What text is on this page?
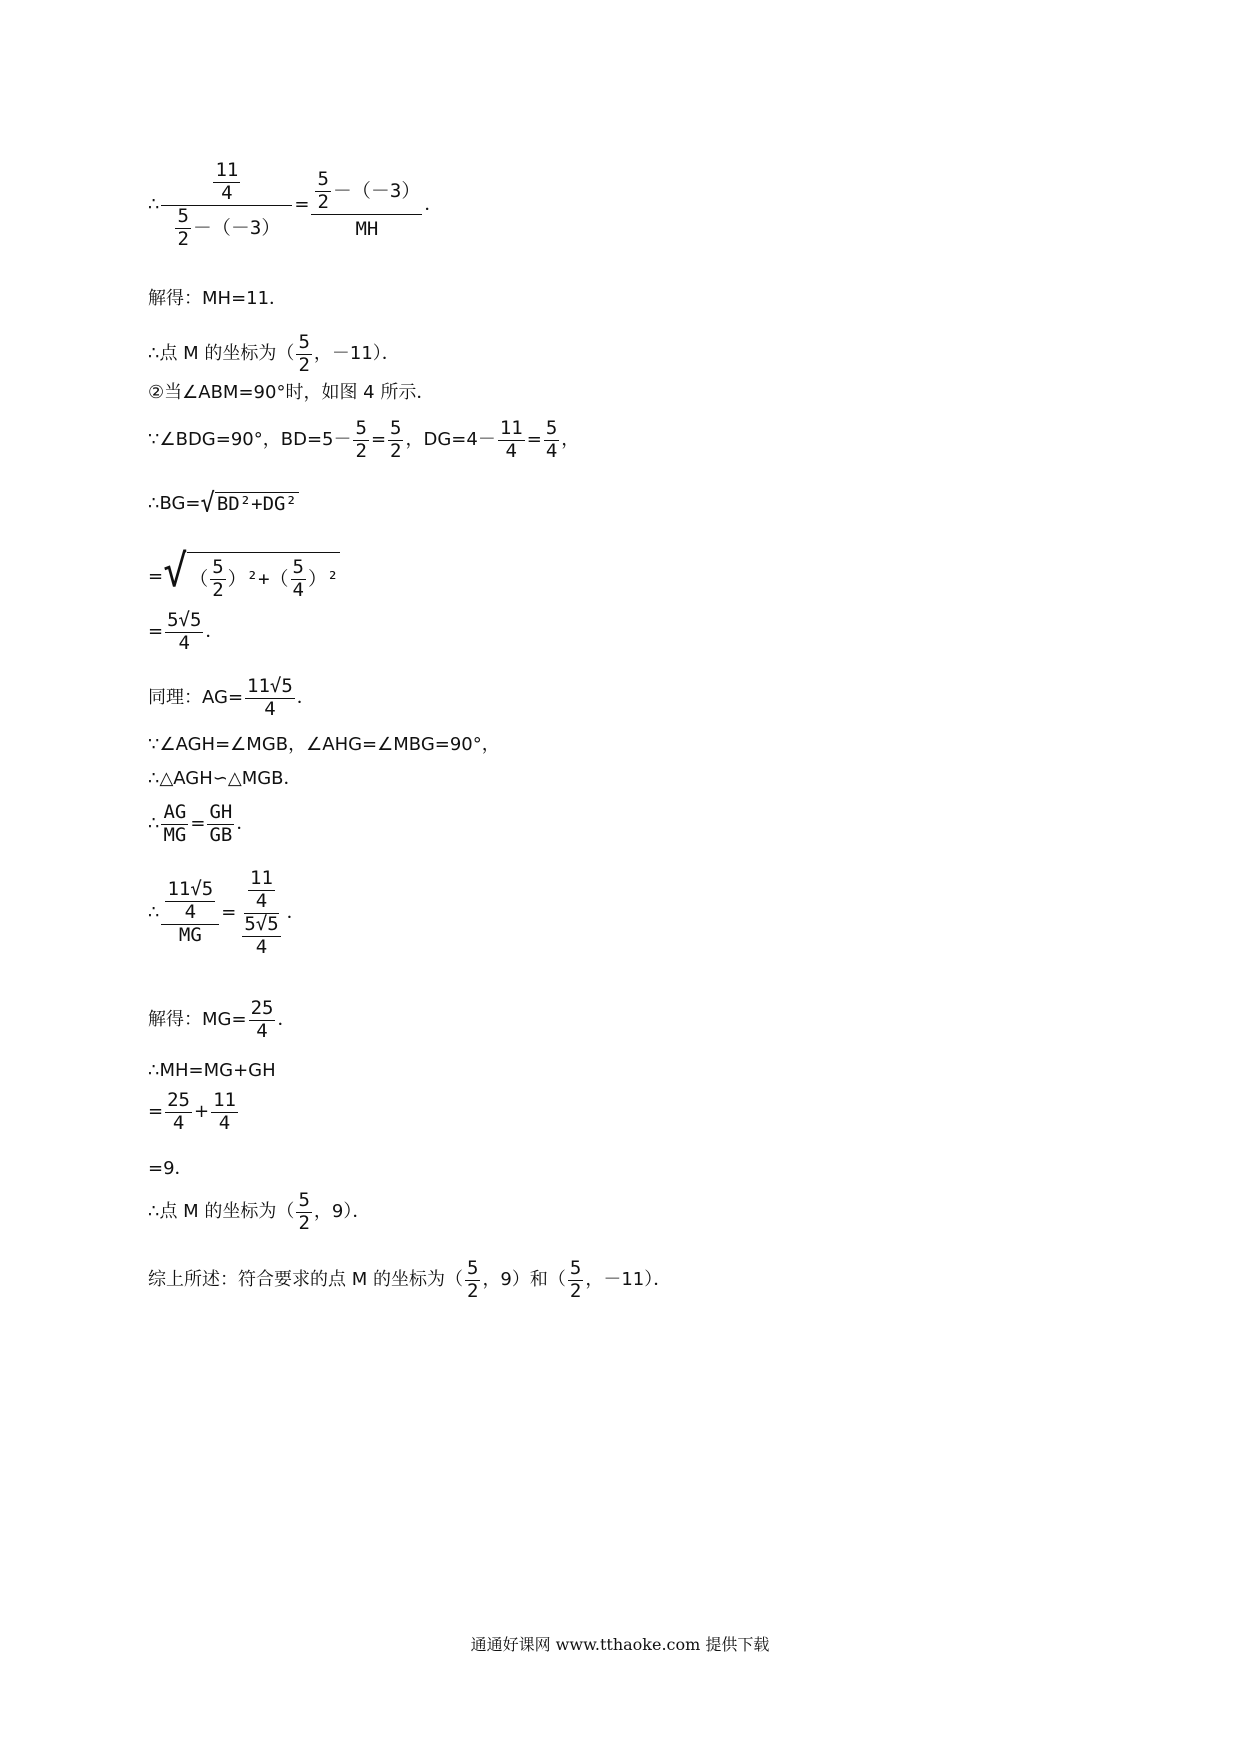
∴ $\frac{\frac{11}{4}}{\frac{5}{2} -(-3)} = \frac{\frac{5}{2} -(-3)}{MH}$ ．
解得：MH=11．
∴点 M 的坐标为（ $\frac{5}{2}$ ，－11）．
②当∠ABM=90°时，如图 4 所示．
∵∠BDG=90°，$BD=5- \frac{5}{2} = \frac{5}{2}$ ，$DG=4- \frac{11}{4} = \frac{5}{4}$ ，
∴BG= √ BD²+DG²
= √ （ $\frac{5}{2} )^2+( \frac{5}{4} )^2$
= $\frac{5√5}{4}$ ．
同理：$AG= \frac{11√5}{4}$ ．
∵∠AGH=∠MGB，∠AHG=∠MBG=90°，
∴△AGH∽△MGB．
∴ $\frac{AG}{MG} = \frac{GH}{GB}$ ．
∴ $\frac{\frac{11√5}{4}}{MG} = \frac{\frac{11}{4}}{\frac{5√5}{4}}$ ．
解得：$MG= \frac{25}{4}$ ．
∴MH=MG+GH
= $\frac{25}{4} + \frac{11}{4}$
=9．
∴点 M 的坐标为（ $\frac{5}{2}$ ，9）．
综上所述：符合要求的点 M 的坐标为（ $\frac{5}{2}$ ，9）和（ $\frac{5}{2}$ ，－11）．
通通好课网 www.tthaoke.com 提供下载
